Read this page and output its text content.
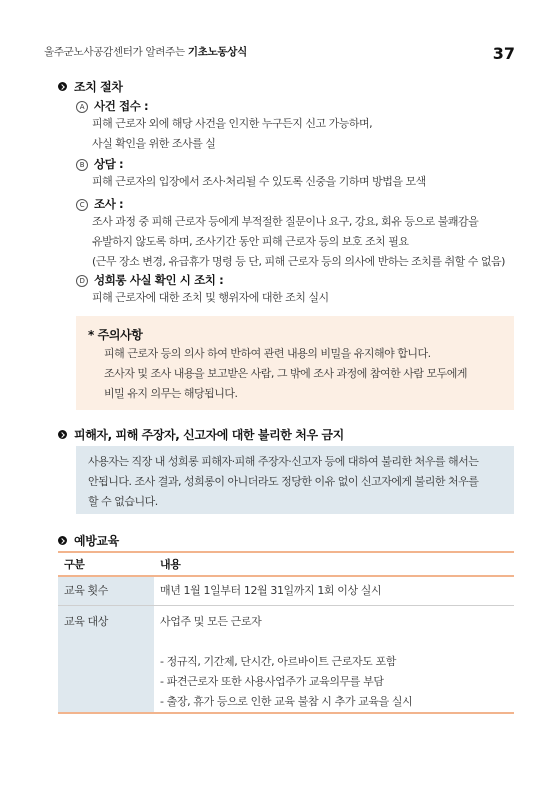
울주군노사공감센터가 알려주는 기초노동상식	37
조치 절차
A 사건 접수 :
피해 근로자 외에 해당 사건을 인지한 누구든지 신고 가능하며,
사실 확인을 위한 조사를 실
B 상담 :
피해 근로자의 입장에서 조사·처리될 수 있도록 신중을 기하며 방법을 모색
C 조사 :
조사 과정 중 피해 근로자 등에게 부적절한 질문이나 요구, 강요, 회유 등으로 불쾌감을
유발하지 않도록 하며, 조사기간 동안 피해 근로자 등의 보호 조치 필요
(근무 장소 변경, 유급휴가 명령 등 단, 피해 근로자 등의 의사에 반하는 조치를 취할 수 없음)
D 성희롱 사실 확인 시 조치 :
피해 근로자에 대한 조치 및 행위자에 대한 조치 실시
* 주의사항
피해 근로자 등의 의사 하여 반하여 관련 내용의 비밀을 유지해야 합니다.
조사자 및 조사 내용을 보고받은 사람, 그 밖에 조사 과정에 참여한 사람 모두에게
비밀 유지 의무는 해당됩니다.
피해자, 피해 주장자, 신고자에 대한 불리한 처우 금지
사용자는 직장 내 성희롱 피해자·피해 주장자·신고자 등에 대하여 불리한 처우를 해서는
안됩니다. 조사 결과, 성희롱이 아니더라도 정당한 이유 없이 신고자에게 불리한 처우를
할 수 없습니다.
예방교육
구분	내용
교육 횟수	매년 1월 1일부터 12월 31일까지 1회 이상 실시
교육 대상	사업주 및 모든 근로자

- 정규직, 기간제, 단시간, 아르바이트 근로자도 포함
- 파견근로자 또한 사용사업주가 교육의무를 부담
- 출장, 휴가 등으로 인한 교육 불참 시 추가 교육을 실시
